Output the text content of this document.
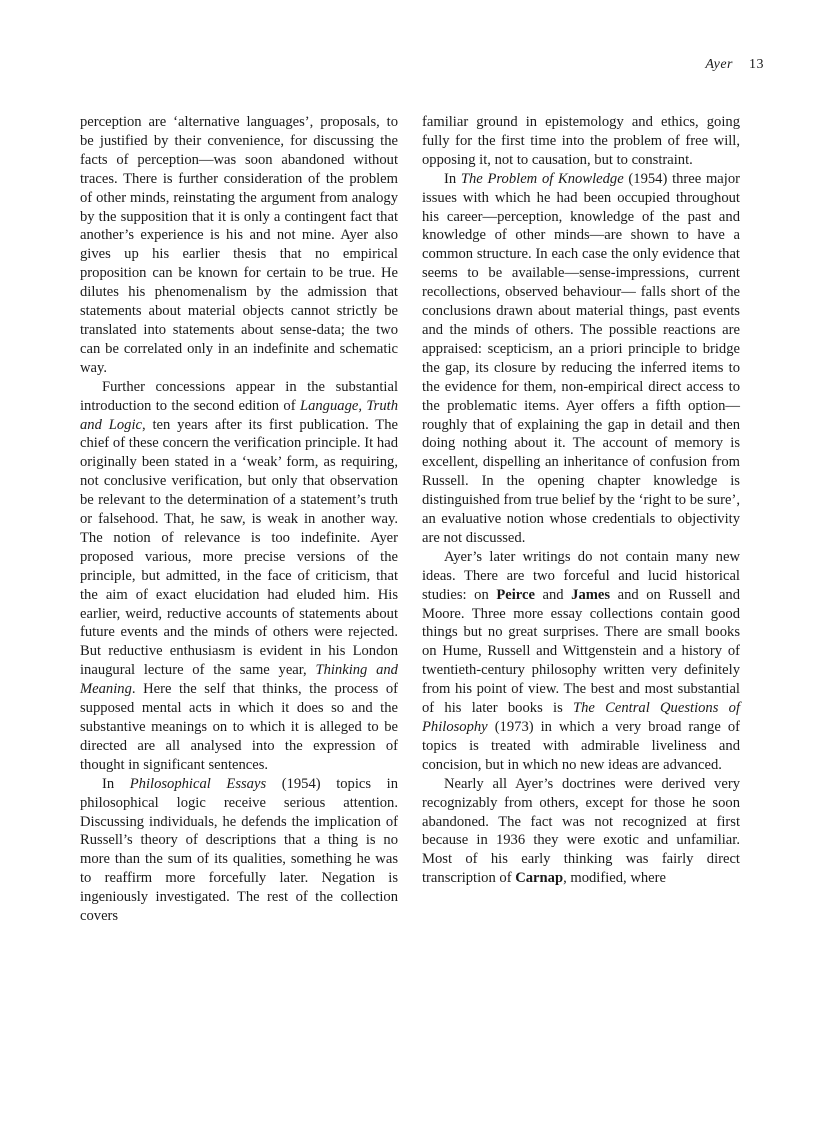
Ayer 13

perception are ‘alternative languages’, proposals, to be justified by their convenience, for discussing the facts of perception—was soon abandoned without traces. There is further consideration of the problem of other minds, reinstating the argument from analogy by the supposition that it is only a contingent fact that another’s experience is his and not mine. Ayer also gives up his earlier thesis that no empirical proposition can be known for certain to be true. He dilutes his phenomenalism by the admission that statements about material objects cannot strictly be translated into statements about sense-data; the two can be correlated only in an indefinite and schematic way.

Further concessions appear in the substantial introduction to the second edition of Language, Truth and Logic, ten years after its first publication. The chief of these concern the verification principle. It had originally been stated in a ‘weak’ form, as requiring, not conclusive verification, but only that observation be relevant to the determination of a statement’s truth or falsehood. That, he saw, is weak in another way. The notion of relevance is too indefinite. Ayer proposed various, more precise versions of the principle, but admitted, in the face of criticism, that the aim of exact elucidation had eluded him. His earlier, weird, reductive accounts of statements about future events and the minds of others were rejected. But reductive enthusiasm is evident in his London inaugural lecture of the same year, Thinking and Meaning. Here the self that thinks, the process of supposed mental acts in which it does so and the substantive meanings on to which it is alleged to be directed are all analysed into the expression of thought in significant sentences.

In Philosophical Essays (1954) topics in philosophical logic receive serious attention. Discussing individuals, he defends the implication of Russell’s theory of descriptions that a thing is no more than the sum of its qualities, something he was to reaffirm more forcefully later. Negation is ingeniously investigated. The rest of the collection covers

familiar ground in epistemology and ethics, going fully for the first time into the problem of free will, opposing it, not to causation, but to constraint.

In The Problem of Knowledge (1954) three major issues with which he had been occupied throughout his career—perception, knowledge of the past and knowledge of other minds—are shown to have a common structure. In each case the only evidence that seems to be available—sense-impressions, current recollections, observed behaviour— falls short of the conclusions drawn about material things, past events and the minds of others. The possible reactions are appraised: scepticism, an a priori principle to bridge the gap, its closure by reducing the inferred items to the evidence for them, non-empirical direct access to the problematic items. Ayer offers a fifth option—roughly that of explaining the gap in detail and then doing nothing about it. The account of memory is excellent, dispelling an inheritance of confusion from Russell. In the opening chapter knowledge is distinguished from true belief by the ‘right to be sure’, an evaluative notion whose credentials to objectivity are not discussed.

Ayer’s later writings do not contain many new ideas. There are two forceful and lucid historical studies: on Peirce and James and on Russell and Moore. Three more essay collections contain good things but no great surprises. There are small books on Hume, Russell and Wittgenstein and a history of twentieth-century philosophy written very definitely from his point of view. The best and most substantial of his later books is The Central Questions of Philosophy (1973) in which a very broad range of topics is treated with admirable liveliness and concision, but in which no new ideas are advanced.

Nearly all Ayer’s doctrines were derived very recognizably from others, except for those he soon abandoned. The fact was not recognized at first because in 1936 they were exotic and unfamiliar. Most of his early thinking was fairly direct transcription of Carnap, modified, where
